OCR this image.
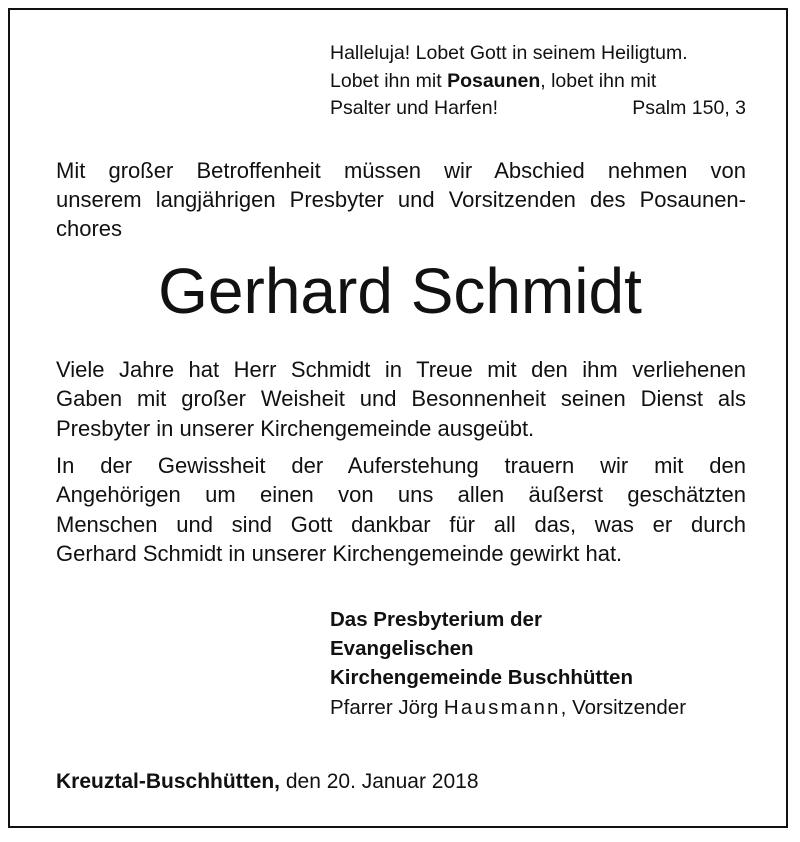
Halleluja! Lobet Gott in seinem Heiligtum.
Lobet ihn mit Posaunen, lobet ihn mit
Psalter und Harfen!	Psalm 150, 3
Mit großer Betroffenheit müssen wir Abschied nehmen von
unserem langjährigen Presbyter und Vorsitzenden des Posaunen-
chores
Gerhard Schmidt
Viele Jahre hat Herr Schmidt in Treue mit den ihm verliehenen
Gaben mit großer Weisheit und Besonnenheit seinen Dienst als
Presbyter in unserer Kirchengemeinde ausgeübt.
In der Gewissheit der Auferstehung trauern wir mit den
Angehörigen um einen von uns allen äußerst geschätzten
Menschen und sind Gott dankbar für all das, was er durch
Gerhard Schmidt in unserer Kirchengemeinde gewirkt hat.
Das Presbyterium der
Evangelischen
Kirchengemeinde Buschhütten
Pfarrer Jörg Hausmann, Vorsitzender
Kreuztal-Buschhütten, den 20. Januar 2018
